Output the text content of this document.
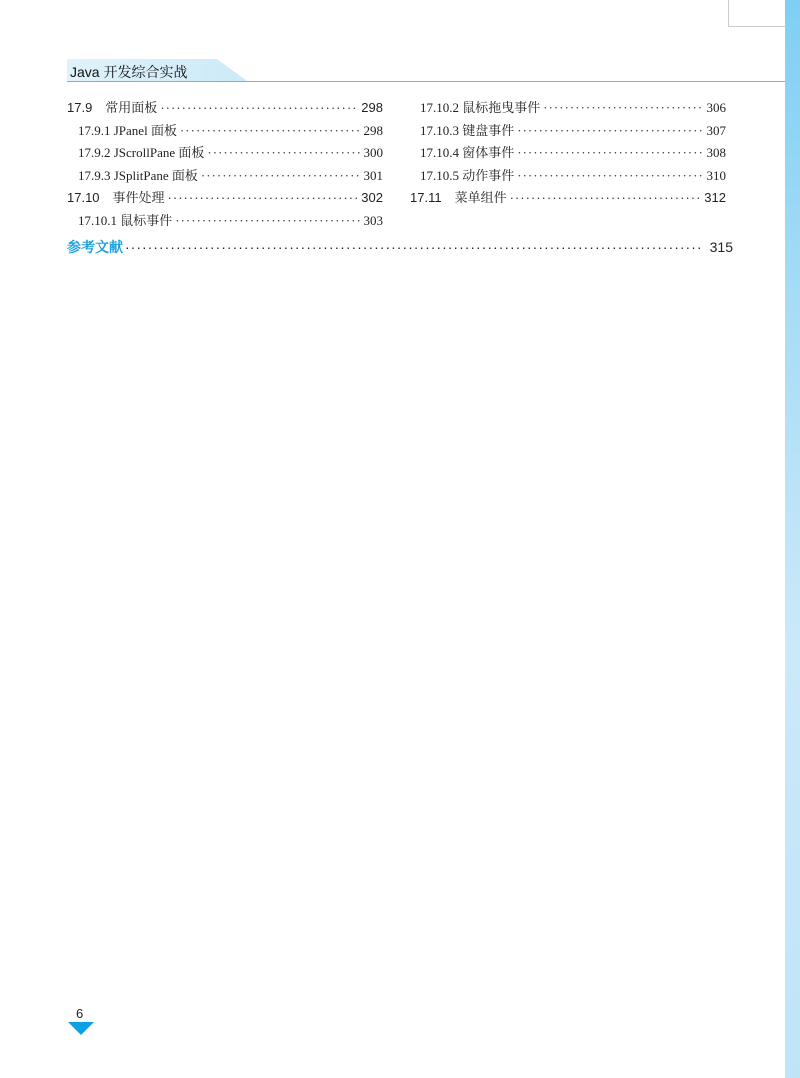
Java 开发综合实战
17.9　常用面板 ·····	298
17.9.1 JPanel 面板 ·····	298
17.9.2 JScrollPane 面板 ·····	300
17.9.3 JSplitPane 面板 ·····	301
17.10　事件处理 ·····	302
17.10.1 鼠标事件 ·····	303
17.10.2 鼠标拖曳事件 ·····	306
17.10.3 键盘事件 ·····	307
17.10.4 窗体事件 ·····	308
17.10.5 动作事件 ·····	310
17.11　菜单组件 ·····	312
参考文献 ·····	315
6
